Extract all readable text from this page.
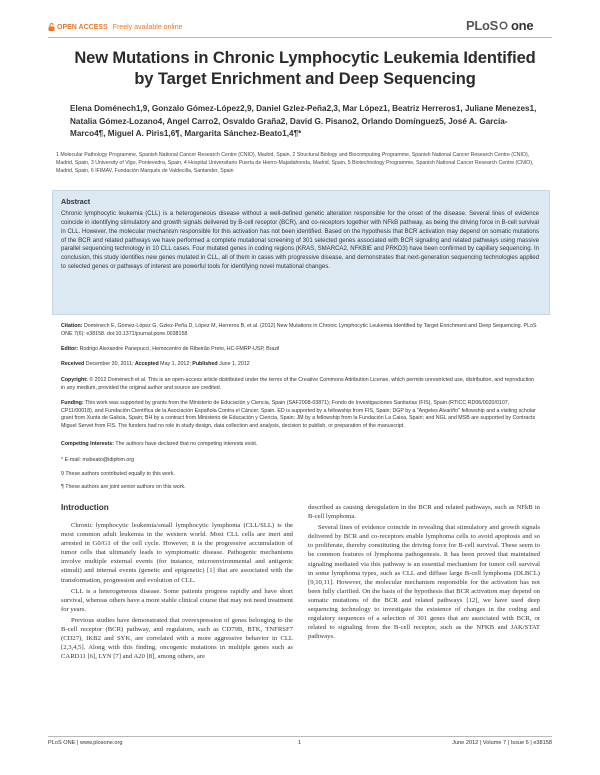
OPEN ACCESS Freely available online	PLoS one
New Mutations in Chronic Lymphocytic Leukemia Identified by Target Enrichment and Deep Sequencing
Elena Doménech1,9, Gonzalo Gómez-López2,9, Daniel Gzlez-Peña2,3, Mar López1, Beatriz Herreros1, Juliane Menezes1, Natalia Gómez-Lozano4, Angel Carro2, Osvaldo Graña2, David G. Pisano2, Orlando Domínguez5, José A. García-Marco4¶, Miguel A. Piris1,6¶, Margarita Sánchez-Beato1,4¶*
1 Molecular Pathology Programme, Spanish National Cancer Research Centre (CNIO), Madrid, Spain, 2 Structural Biology and Biocomputing Programme, Spanish National Cancer Research Centre (CNIO), Madrid, Spain, 3 University of Vigo, Pontevedra, Spain, 4 Hospital Universitario Puerta de Hierro-Majadahonda, Madrid, Spain, 5 Biotechnology Programme, Spanish National Cancer Research Centre (CNIO), Madrid, Spain, 6 IFIMAV, Fundación Marqués de Valdecilla, Santander, Spain
Abstract
Chronic lymphocytic leukemia (CLL) is a heterogeneous disease without a well-defined genetic alteration responsible for the onset of the disease. Several lines of evidence coincide in identifying stimulatory and growth signals delivered by B-cell receptor (BCR), and co-receptors together with NFkB pathway, as being the driving force in B-cell survival in CLL. However, the molecular mechanism responsible for this activation has not been identified. Based on the hypothesis that BCR activation may depend on somatic mutations of the BCR and related pathways we have performed a complete mutational screening of 301 selected genes associated with BCR signaling and related pathways using massive parallel sequencing technology in 10 CLL cases. Four mutated genes in coding regions (KRAS, SMARCA2, NFKBIE and PRKD3) have been confirmed by capillary sequencing. In conclusion, this study identifies new genes mutated in CLL, all of them in cases with progressive disease, and demonstrates that next-generation sequencing technologies applied to selected genes or pathways of interest are powerful tools for identifying novel mutational changes.
Citation: Doménech E, Gómez-López G, Gzlez-Peña D, López M, Herreros B, et al. (2012) New Mutations in Chronic Lymphocytic Leukemia Identified by Target Enrichment and Deep Sequencing. PLoS ONE 7(6): e38158. doi:10.1371/journal.pone.0038158
Editor: Rodrigo Alexandre Panepucci, Hemocentro de Ribeirão Preto, HC-FMRP-USP, Brazil
Received December 30, 2011; Accepted May 1, 2012; Published June 1, 2012
Copyright: © 2012 Doménech et al. This is an open-access article distributed under the terms of the Creative Commons Attribution License, which permits unrestricted use, distribution, and reproduction in any medium, provided the original author and source are credited.
Funding: This work was supported by grants from the Ministerio de Educación y Ciencia, Spain (SAF2008-03871); Fondo de Investigaciones Sanitarias (FIS), Spain (RTICC RD06/0020/0107, CP11/00018), and Fundación Científica de la Asociación Española Contra el Cáncer, Spain. ED is supported by a fellowship from FIS, Spain; DGP by a "Angeles Alvariño" fellowship and a visiting scholar grant from Xunta de Galicia, Spain; BH by a contract from Ministerio de Educación y Ciencia, Spain; JM by a fellowship from la Fundación La Caixa, Spain; and NGL and MSB are supported by Contracts Miguel Servet from FIS. The funders had no role in study design, data collection and analysis, decision to publish, or preparation of the manuscript.
Competing Interests: The authors have declared that no competing interests exist.
* E-mail: msbeato@idiphim.org
9 These authors contributed equally to this work.
¶ These authors are joint senior authors on this work.
Introduction

Chronic lymphocytic leukemia/small lymphocytic lymphoma (CLL/SLL) is the most common adult leukemia in the western world. Most CLL cells are inert and arrested in G0/G1 of the cell cycle. However, it is the progressive accumulation of tumor cells that ultimately leads to symptomatic disease. Pathogenic mechanisms involve multiple external events (for instance, microenvironmental and antigenic stimuli) and internal events (genetic and epigenetic) [1] that are associated with the transformation, progression and evolution of CLL.

CLL is a heterogeneous disease. Some patients progress rapidly and have short survival, whereas others have a more stable clinical course that may not need treatment for years.

Previous studies have demonstrated that overexpression of genes belonging to the B-cell receptor (BCR) pathway, and regulators, such as CD79B, BTK, TNFRSF7 (CD27), IKB2 and SYK, are correlated with a more aggressive behavior in CLL [2,3,4,5]. Along with this finding, oncogenic mutations in multiple genes such as CARD11 [6], LYN [7] and A20 [8], among others, are

described as causing deregulation in the BCR and related pathways, such as NFkB in B-cell lymphoma.

Several lines of evidence coincide in revealing that stimulatory and growth signals delivered by BCR and co-receptors enable lymphoma cells to avoid apoptosis and so to proliferate, thereby constituting the driving force for B-cell survival. These seem to be common features of lymphoma pathogenesis. It has been proved that maintained signaling mediated via this pathway is an essential mechanism for tumor cell survival in some lymphoma types, such as CLL and diffuse large B-cell lymphoma (DLBCL) [9,10,11]. However, the molecular mechanism responsible for the activation has not been fully clarified. On the basis of the hypothesis that BCR activation may depend on somatic mutations of the BCR and related pathways [12], we have used deep sequencing technology to investigate the existence of changes in the coding and regulatory sequences of a selection of 301 genes that are associated with BCR, or related to signaling from the B-cell receptor, such as the NFKB and JAK/STAT pathways.

PLoS ONE | www.plosone.org	1	June 2012 | Volume 7 | Issue 6 | e38158
